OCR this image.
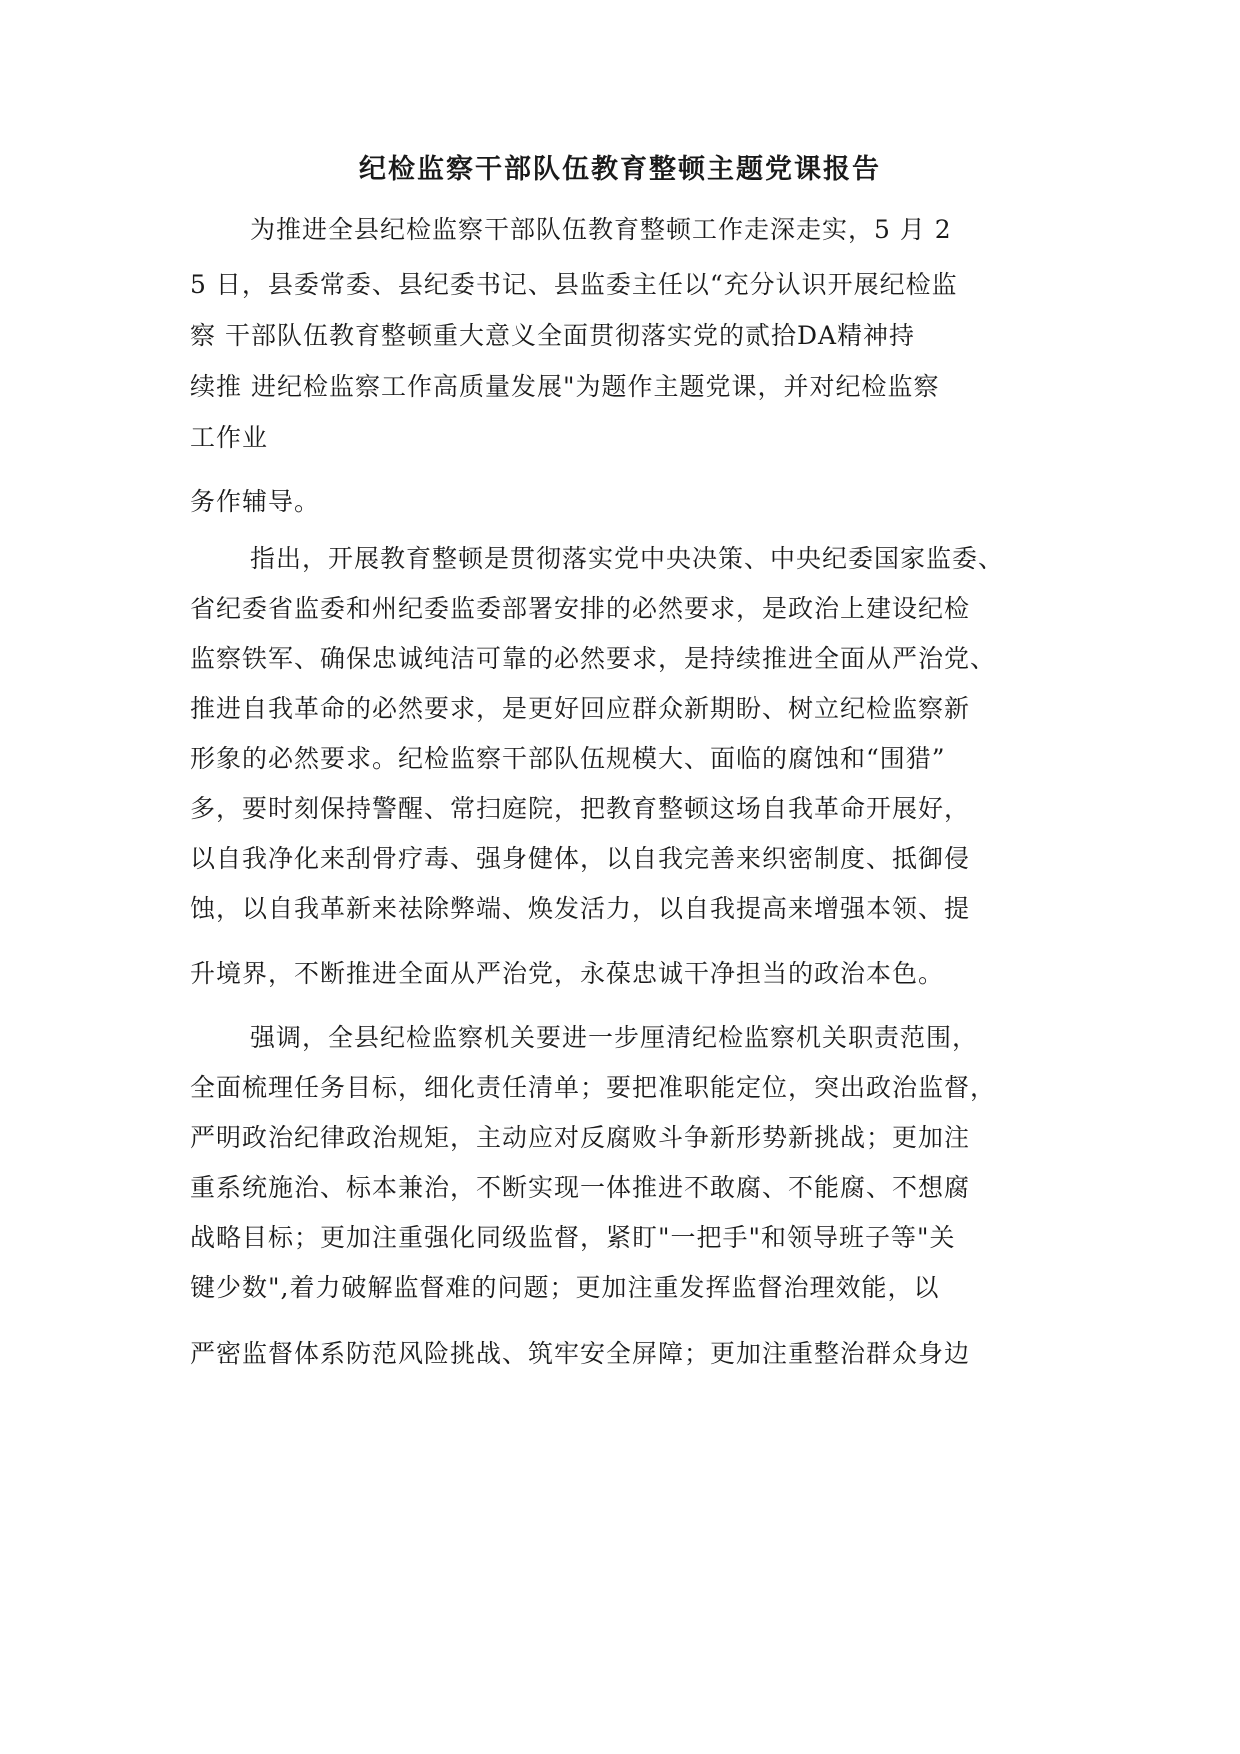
纪检监察干部队伍教育整顿主题党课报告
为推进全县纪检监察干部队伍教育整顿工作走深走实，5 月 2
5 日，县委常委、县纪委书记、县监委主任以“充分认识开展纪检监
察 干部队伍教育整顿重大意义全面贯彻落实党的贰拾DA精神持
续推 进纪检监察工作高质量发展"为题作主题党课，并对纪检监察
工作业
务作辅导。
指出，开展教育整顿是贯彻落实党中央决策、中央纪委国家监委、
省纪委省监委和州纪委监委部署安排的必然要求，是政治上建设纪检
监察铁军、确保忠诚纯洁可靠的必然要求，是持续推进全面从严治党、
推进自我革命的必然要求，是更好回应群众新期盼、树立纪检监察新
形象的必然要求。纪检监察干部队伍规模大、面临的腐蚀和“围猎”
多，要时刻保持警醒、常扫庭院，把教育整顿这场自我革命开展好，
以自我净化来刮骨疗毒、强身健体，以自我完善来织密制度、抵御侵
蚀，以自我革新来祛除弊端、焕发活力，以自我提高来增强本领、提
升境界，不断推进全面从严治党，永葆忠诚干净担当的政治本色。
强调，全县纪检监察机关要进一步厘清纪检监察机关职责范围，
全面梳理任务目标，细化责任清单；要把准职能定位，突出政治监督，
严明政治纪律政治规矩，主动应对反腐败斗争新形势新挑战；更加注
重系统施治、标本兼治，不断实现一体推进不敢腐、不能腐、不想腐
战略目标；更加注重强化同级监督，紧盯"一把手"和领导班子等"关
键少数",着力破解监督难的问题；更加注重发挥监督治理效能，以
严密监督体系防范风险挑战、筑牢安全屏障；更加注重整治群众身边
